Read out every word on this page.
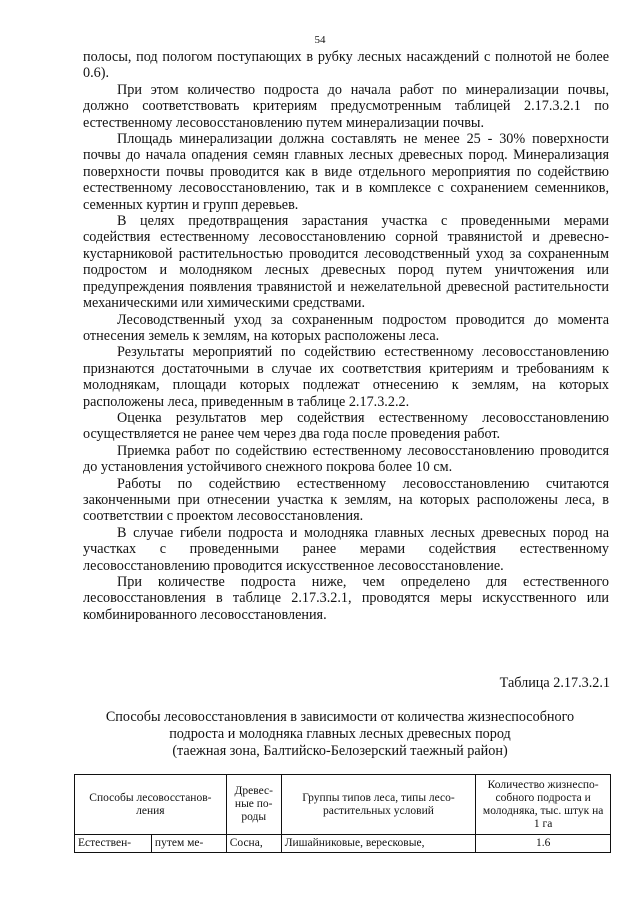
54

полосы, под пологом поступающих в рубку лесных насаждений с полнотой не более 0.6).

При этом количество подроста до начала работ по минерализации почвы, должно соответствовать критериям предусмотренным таблицей 2.17.3.2.1 по естественному лесовосстановлению путем минерализации почвы.

Площадь минерализации должна составлять не менее 25 - 30% поверхности почвы до начала опадения семян главных лесных древесных пород. Минерализация поверхности почвы проводится как в виде отдельного мероприятия по содействию естественному лесовосстановлению, так и в комплексе с сохранением семенников, семенных куртин и групп деревьев.

В целях предотвращения зарастания участка с проведенными мерами содействия естественному лесовосстановлению сорной травянистой и древесно-кустарниковой растительностью проводится лесоводственный уход за сохраненным подростом и молодняком лесных древесных пород путем уничтожения или предупреждения появления травянистой и нежелательной древесной растительности механическими или химическими средствами.

Лесоводственный уход за сохраненным подростом проводится до момента отнесения земель к землям, на которых расположены леса.

Результаты мероприятий по содействию естественному лесовосстановлению признаются достаточными в случае их соответствия критериям и требованиям к молоднякам, площади которых подлежат отнесению к землям, на которых расположены леса, приведенным в таблице 2.17.3.2.2.

Оценка результатов мер содействия естественному лесовосстановлению осуществляется не ранее чем через два года после проведения работ.

Приемка работ по содействию естественному лесовосстановлению проводится до установления устойчивого снежного покрова более 10 см.

Работы по содействию естественному лесовосстановлению считаются законченными при отнесении участка к землям, на которых расположены леса, в соответствии с проектом лесовосстановления.

В случае гибели подроста и молодняка главных лесных древесных пород на участках с проведенными ранее мерами содействия естественному лесовосстановлению проводится искусственное лесовосстановление.

При количестве подроста ниже, чем определено для естественного лесовосстановления в таблице 2.17.3.2.1, проводятся меры искусственного или комбинированного лесовосстановления.

Таблица 2.17.3.2.1
Способы лесовосстановления в зависимости от количества жизнеспособного
подроста и молодняка главных лесных древесных пород
(таежная зона, Балтийско-Белозерский таежный район)
Способы лесовосстанов-ления		Древес-ные по-роды	Группы типов леса, типы лесо-растительных условий	Количество жизнеспо-собного подроста и молодняка, тыс. штук на 1 га
Естествен-	путем ме-	Сосна,	Лишайниковые, вересковые,	1.6
